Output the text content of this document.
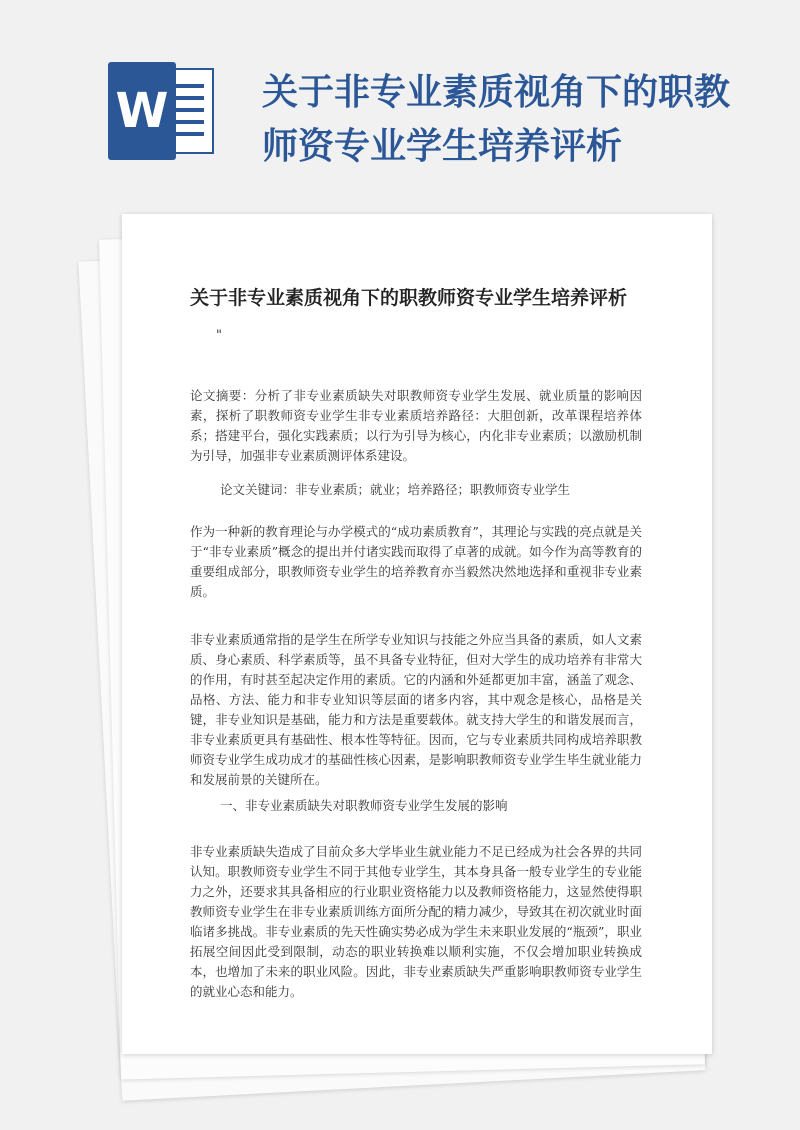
W	关于非专业素质视角下的职教师资专业学生培养评析
关于非专业素质视角下的职教师资专业学生培养评析
"

论文摘要：分析了非专业素质缺失对职教师资专业学生发展、就业质量的影响因素，探析了职教师资专业学生非专业素质培养路径：大胆创新，改革课程培养体系；搭建平台，强化实践素质；以行为引导为核心，内化非专业素质；以激励机制为引导，加强非专业素质测评体系建设。

论文关键词：非专业素质；就业；培养路径；职教师资专业学生

作为一种新的教育理论与办学模式的“成功素质教育”，其理论与实践的亮点就是关于“非专业素质”概念的提出并付诸实践而取得了卓著的成就。如今作为高等教育的重要组成部分，职教师资专业学生的培养教育亦当毅然决然地选择和重视非专业素质。

非专业素质通常指的是学生在所学专业知识与技能之外应当具备的素质，如人文素质、身心素质、科学素质等，虽不具备专业特征，但对大学生的成功培养有非常大的作用，有时甚至起决定作用的素质。它的内涵和外延都更加丰富，涵盖了观念、品格、方法、能力和非专业知识等层面的诸多内容，其中观念是核心，品格是关键，非专业知识是基础，能力和方法是重要载体。就支持大学生的和谐发展而言，非专业素质更具有基础性、根本性等特征。因而，它与专业素质共同构成培养职教师资专业学生成功成才的基础性核心因素，是影响职教师资专业学生毕生就业能力和发展前景的关键所在。

一、非专业素质缺失对职教师资专业学生发展的影响

非专业素质缺失造成了目前众多大学毕业生就业能力不足已经成为社会各界的共同认知。职教师资专业学生不同于其他专业学生，其本身具备一般专业学生的专业能力之外，还要求其具备相应的行业职业资格能力以及教师资格能力，这显然使得职教师资专业学生在非专业素质训练方面所分配的精力减少，导致其在初次就业时面临诸多挑战。非专业素质的先天性确实势必成为学生未来职业发展的“瓶颈”，职业拓展空间因此受到限制，动态的职业转换难以顺利实施，不仅会增加职业转换成本，也增加了未来的职业风险。因此，非专业素质缺失严重影响职教师资专业学生的就业心态和能力。
